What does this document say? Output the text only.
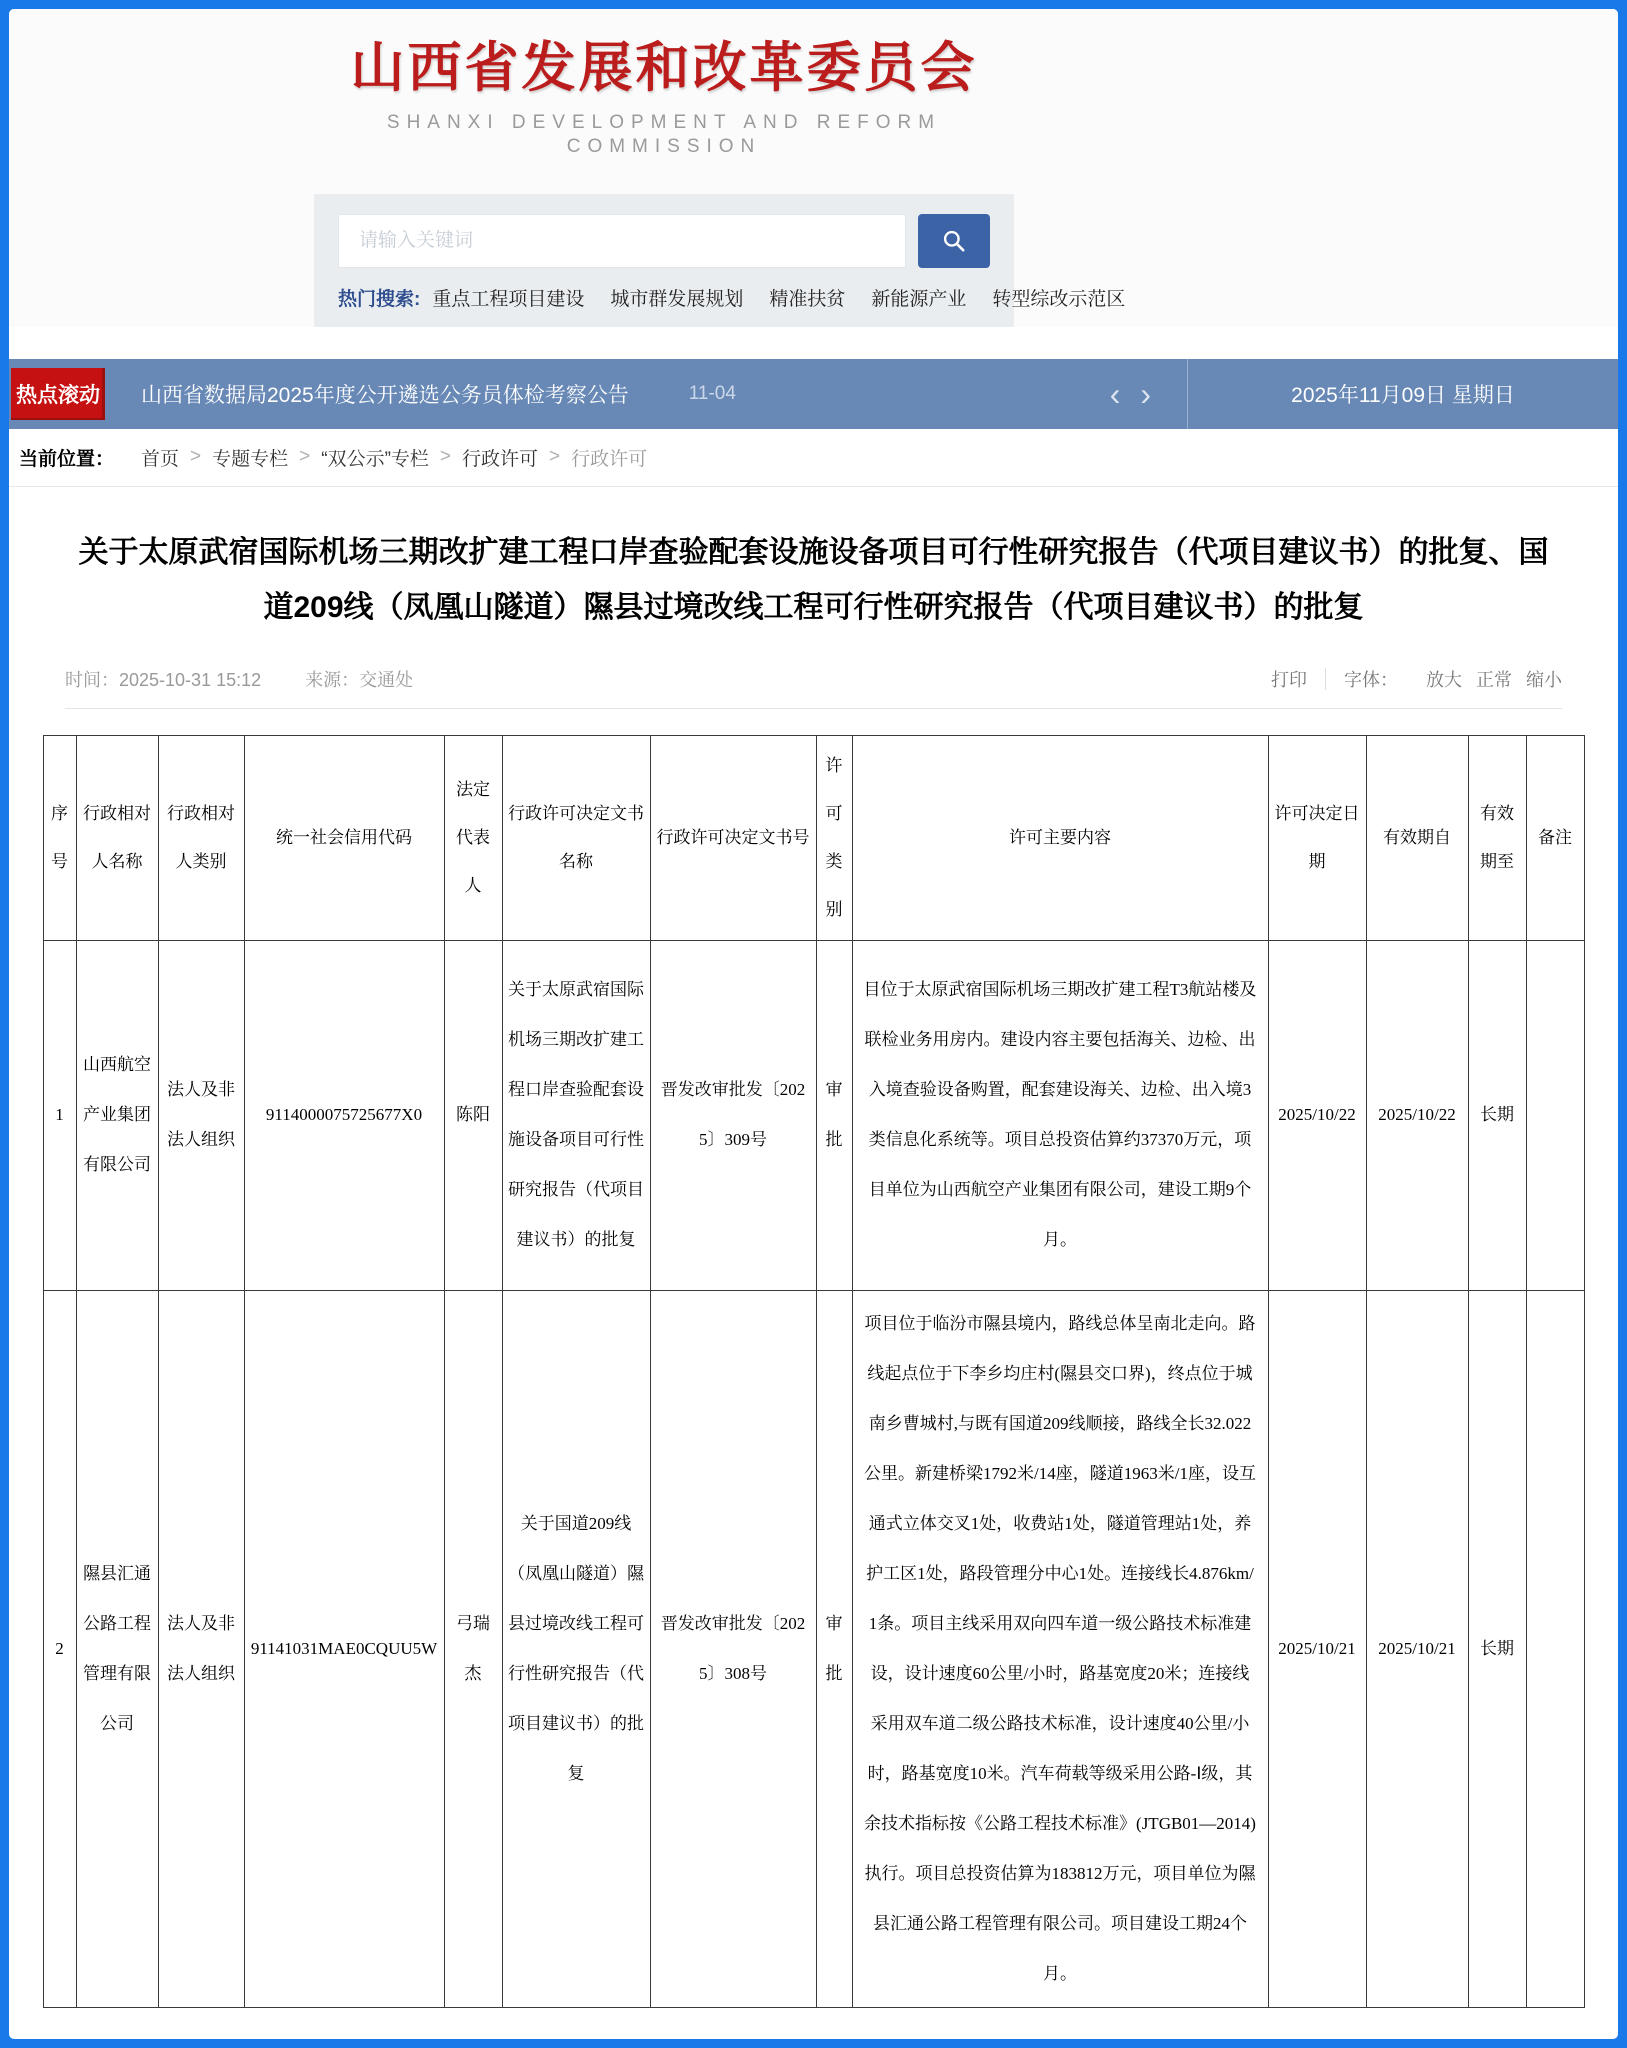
山西省发展和改革委员会
SHANXI DEVELOPMENT AND REFORM COMMISSION
请输入关键词
热门搜索: 重点工程项目建设 城市群发展规划 精准扶贫 新能源产业 转型综改示范区
热点滚动 山西省数据局2025年度公开遴选公务员体检考察公告	11-04	‹ ›	2025年11月09日 星期日
当前位置： 首页 > 专题专栏 > “双公示”专栏 > 行政许可 > 行政许可
关于太原武宿国际机场三期改扩建工程口岸查验配套设施设备项目可行性研究报告（代项目建议书）的批复、国道209线（凤凰山隧道）隰县过境改线工程可行性研究报告（代项目建议书）的批复
时间：2025-10-31 15:12 来源：交通处	打印 字体： 放大 正常 缩小
序号	行政相对人名称	行政相对人类别	统一社会信用代码	法定代表人	行政许可决定文书名称	行政许可决定文书号	许可类别	许可主要内容	许可决定日期	有效期自	有效期至	备注
1	山西航空产业集团有限公司	法人及非法人组织	9114000075725677X0	陈阳	关于太原武宿国际机场三期改扩建工程口岸查验配套设施设备项目可行性研究报告（代项目建议书）的批复	晋发改审批发〔2025〕309号	审批	目位于太原武宿国际机场三期改扩建工程T3航站楼及联检业务用房内。建设内容主要包括海关、边检、出入境查验设备购置，配套建设海关、边检、出入境3类信息化系统等。项目总投资估算约37370万元，项目单位为山西航空产业集团有限公司，建设工期9个月。	2025/10/22	2025/10/22	长期	
2	隰县汇通公路工程管理有限公司	法人及非法人组织	91141031MAE0CQUU5W	弓瑞杰	关于国道209线（凤凰山隧道）隰县过境改线工程可行性研究报告（代项目建议书）的批复	晋发改审批发〔2025〕308号	审批	项目位于临汾市隰县境内，路线总体呈南北走向。路线起点位于下李乡均庄村(隰县交口界)，终点位于城南乡曹城村,与既有国道209线顺接，路线全长32.022公里。新建桥梁1792米/14座，隧道1963米/1座，设互通式立体交叉1处，收费站1处，隧道管理站1处，养护工区1处，路段管理分中心1处。连接线长4.876km/1条。项目主线采用双向四车道一级公路技术标准建设，设计速度60公里/小时，路基宽度20米；连接线采用双车道二级公路技术标准，设计速度40公里/小时，路基宽度10米。汽车荷载等级采用公路-Ⅰ级，其余技术指标按《公路工程技术标准》(JTGB01—2014)执行。项目总投资估算为183812万元，项目单位为隰县汇通公路工程管理有限公司。项目建设工期24个月。	2025/10/21	2025/10/21	长期	
